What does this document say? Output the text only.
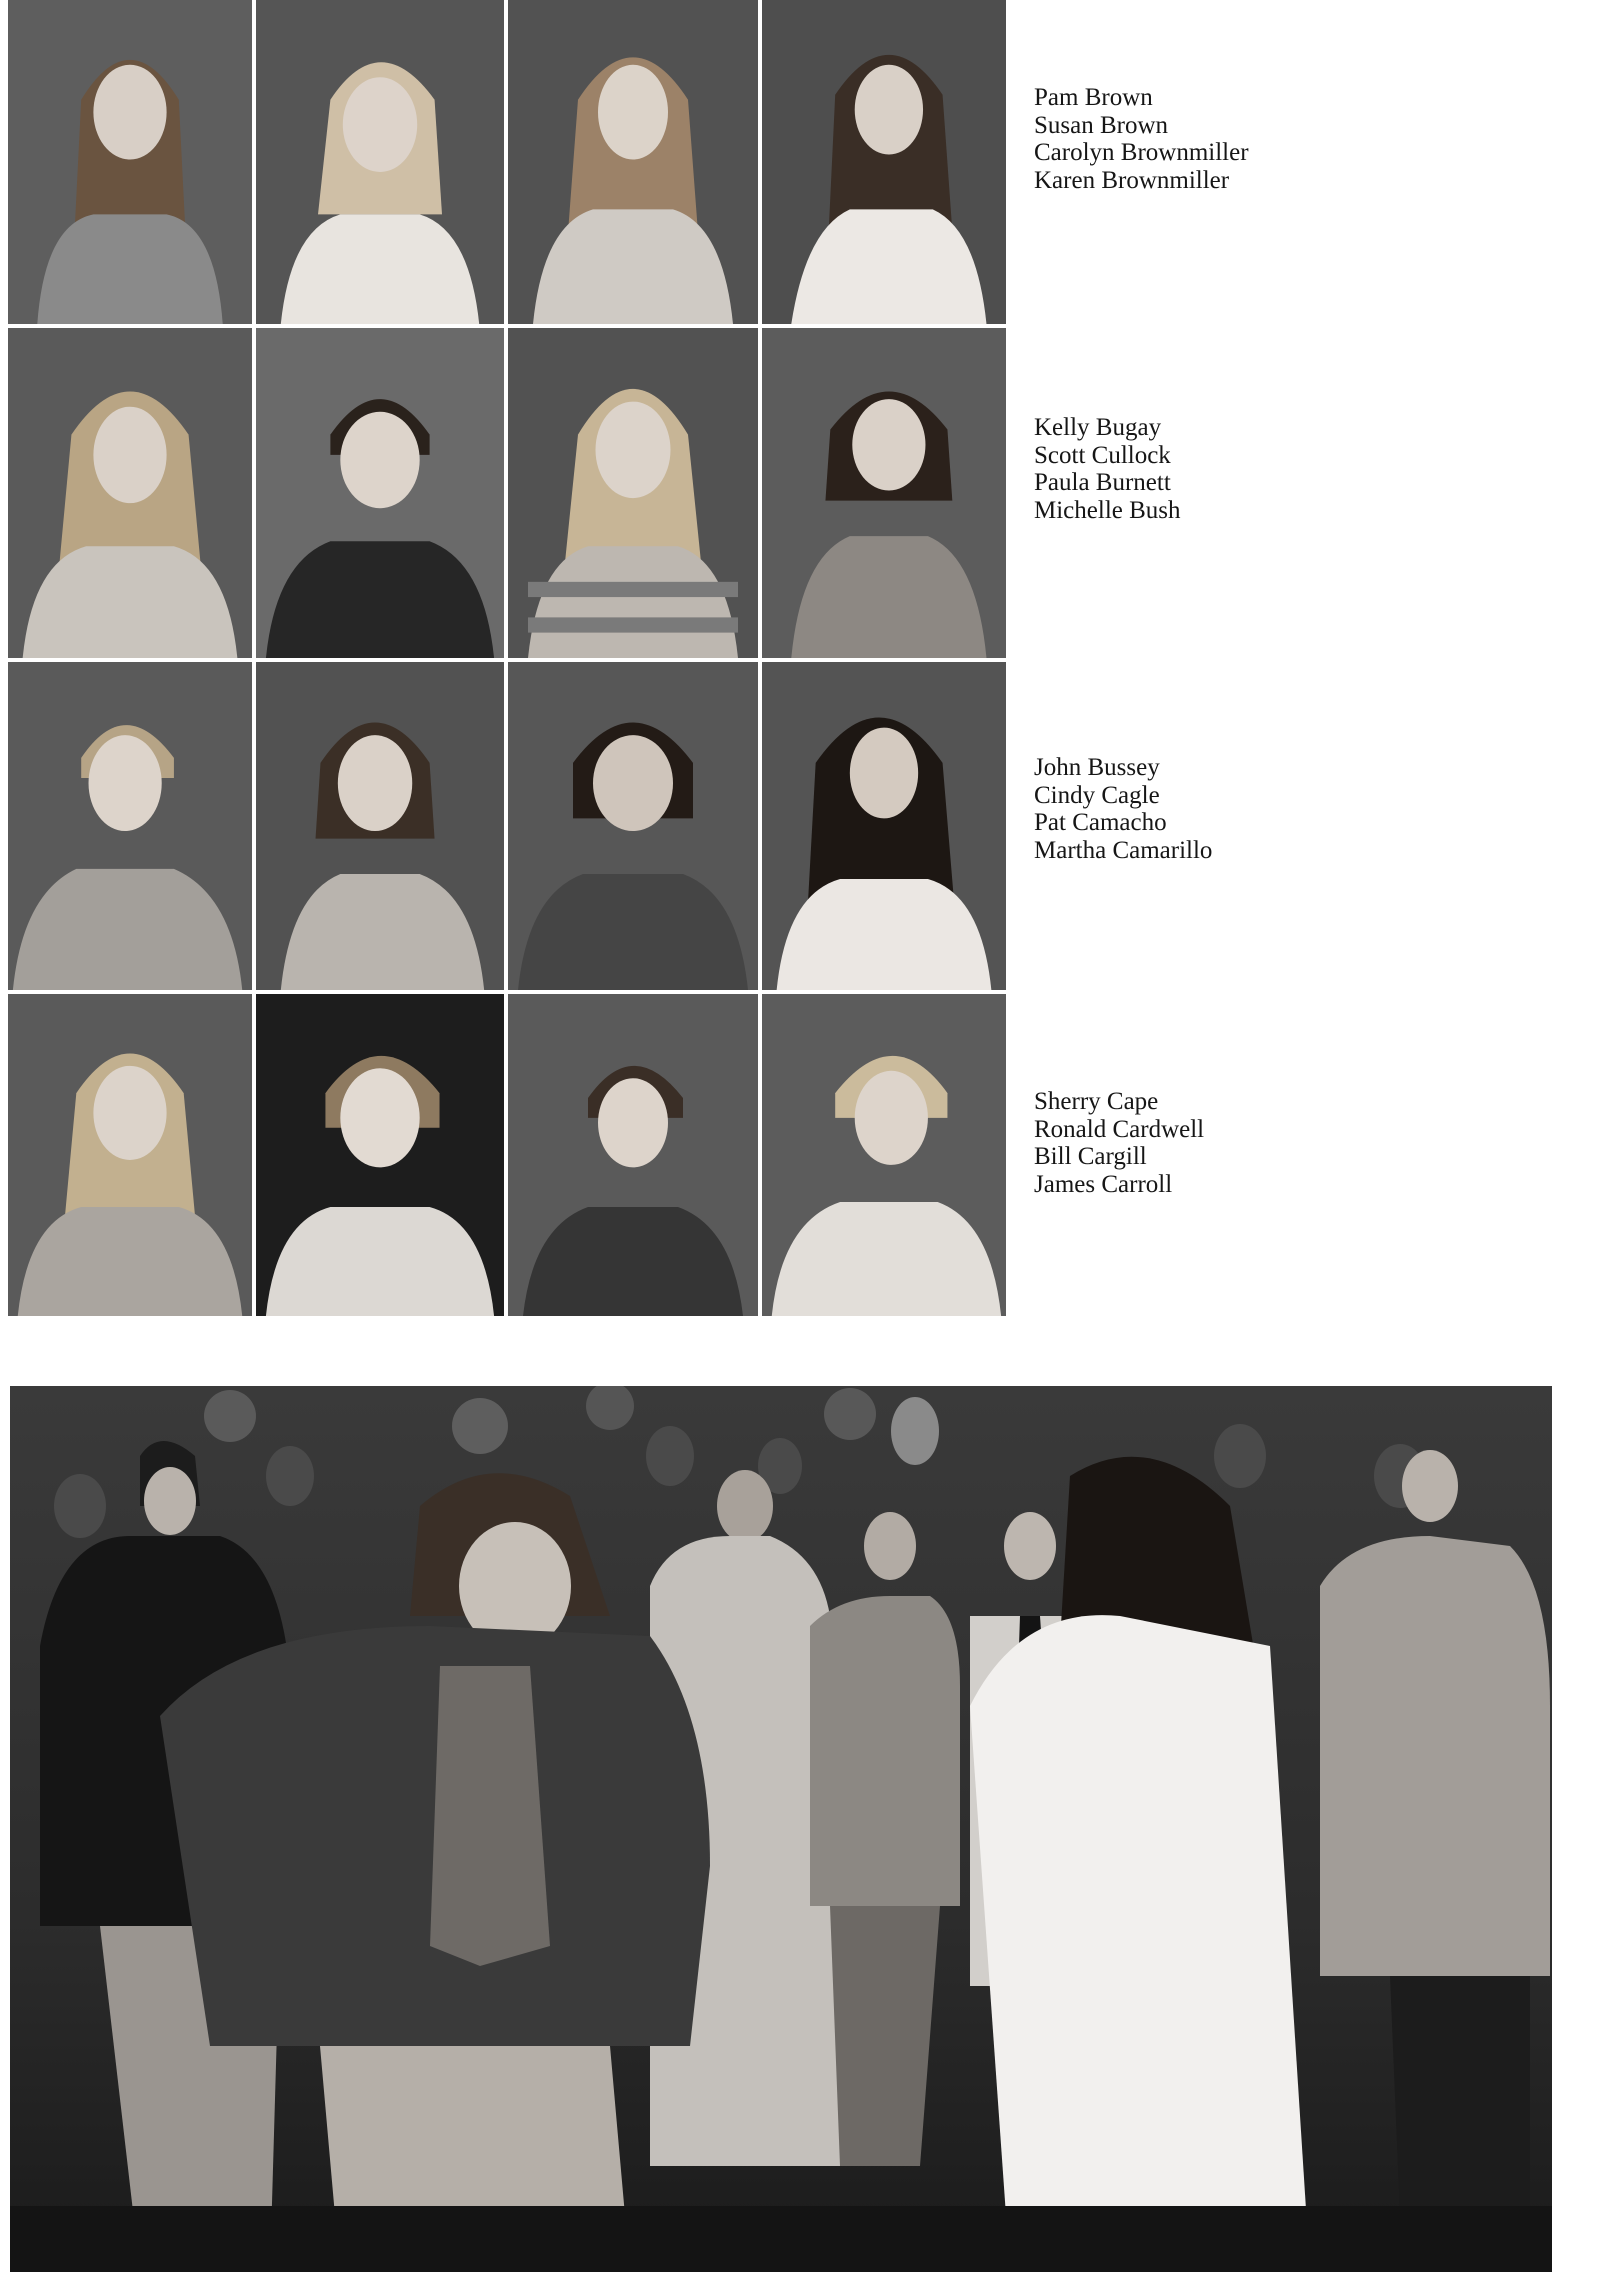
Pam Brown
Susan Brown
Carolyn Brownmiller
Karen Brownmiller
Kelly Bugay
Scott Cullock
Paula Burnett
Michelle Bush
John Bussey
Cindy Cagle
Pat Camacho
Martha Camarillo
Sherry Cape
Ronald Cardwell
Bill Cargill
James Carroll
